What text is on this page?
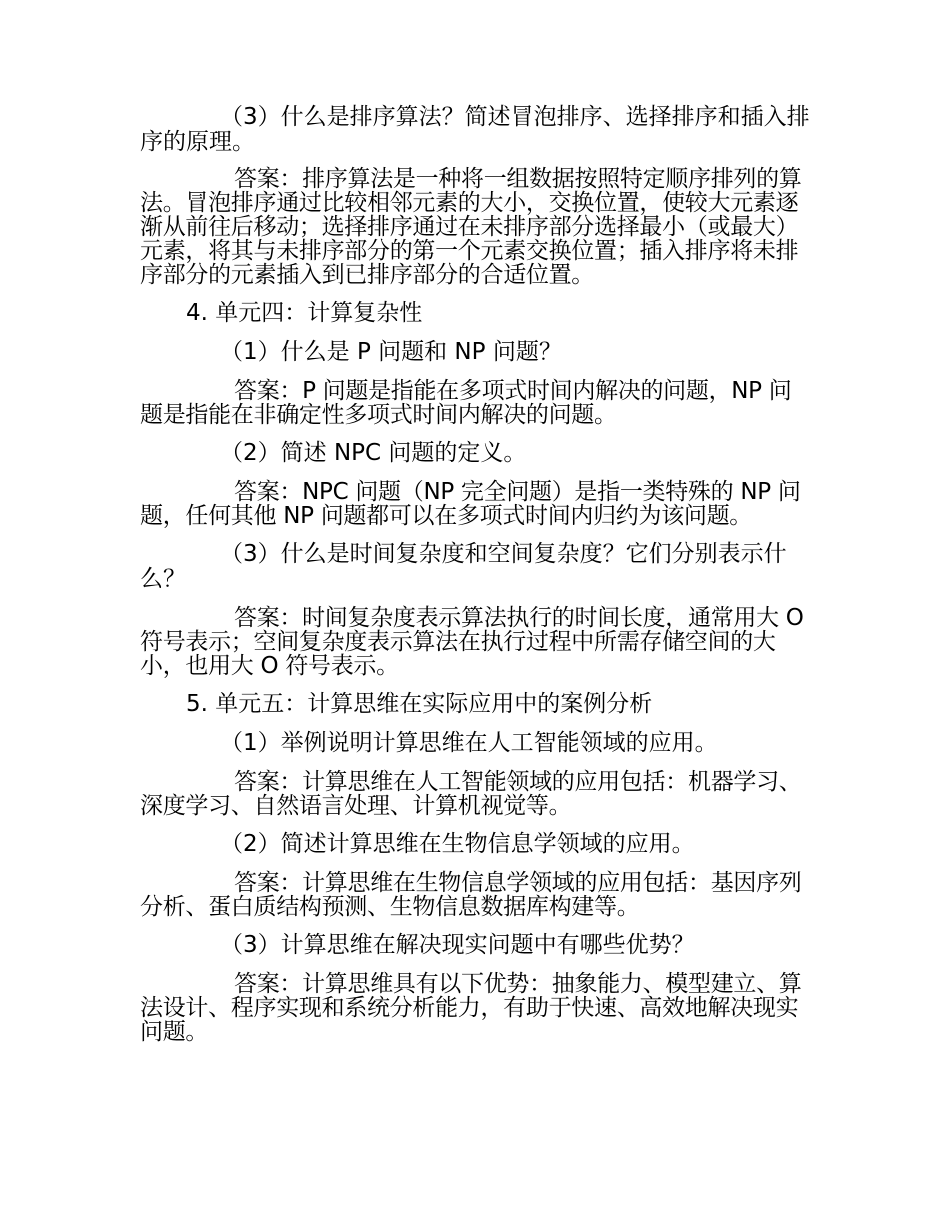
（3）什么是排序算法？简述冒泡排序、选择排序和插入排序的原理。

答案：排序算法是一种将一组数据按照特定顺序排列的算法。冒泡排序通过比较相邻元素的大小，交换位置，使较大元素逐渐从前往后移动；选择排序通过在未排序部分选择最小（或最大）元素，将其与未排序部分的第一个元素交换位置；插入排序将未排序部分的元素插入到已排序部分的合适位置。

4. 单元四：计算复杂性

（1）什么是 P 问题和 NP 问题？

答案：P 问题是指能在多项式时间内解决的问题，NP 问题是指能在非确定性多项式时间内解决的问题。

（2）简述 NPC 问题的定义。

答案：NPC 问题（NP 完全问题）是指一类特殊的 NP 问题，任何其他 NP 问题都可以在多项式时间内归约为该问题。

（3）什么是时间复杂度和空间复杂度？它们分别表示什么？

答案：时间复杂度表示算法执行的时间长度，通常用大 O 符号表示；空间复杂度表示算法在执行过程中所需存储空间的大小，也用大 O 符号表示。

5. 单元五：计算思维在实际应用中的案例分析

（1）举例说明计算思维在人工智能领域的应用。

答案：计算思维在人工智能领域的应用包括：机器学习、深度学习、自然语言处理、计算机视觉等。

（2）简述计算思维在生物信息学领域的应用。

答案：计算思维在生物信息学领域的应用包括：基因序列分析、蛋白质结构预测、生物信息数据库构建等。

（3）计算思维在解决现实问题中有哪些优势？

答案：计算思维具有以下优势：抽象能力、模型建立、算法设计、程序实现和系统分析能力，有助于快速、高效地解决现实问题。
